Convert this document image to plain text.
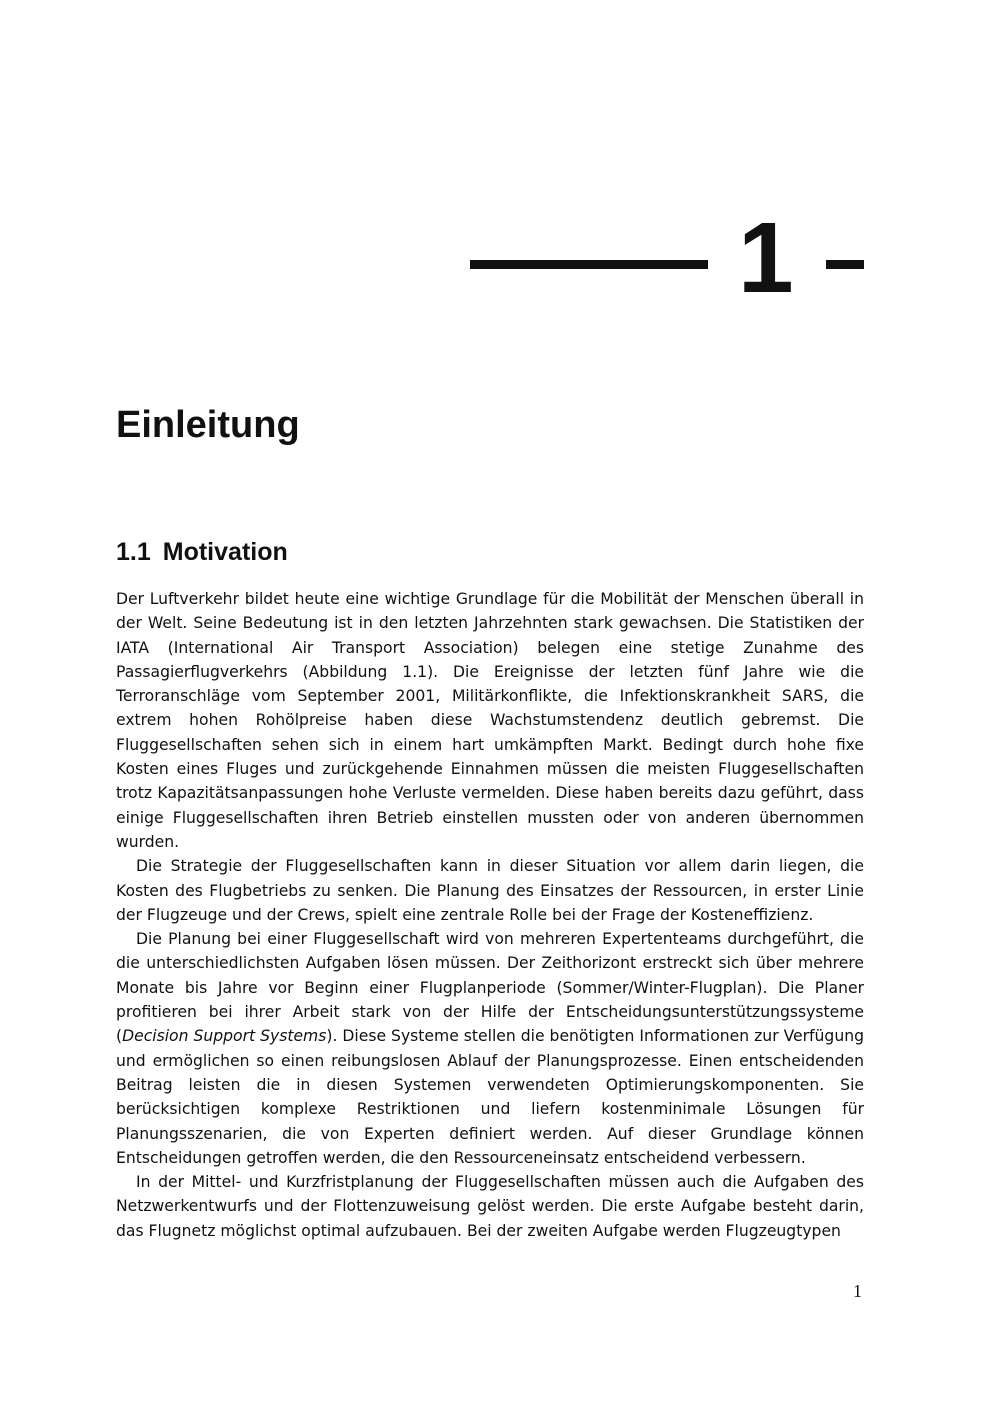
1
Einleitung
1.1 Motivation

Der Luftverkehr bildet heute eine wichtige Grundlage für die Mobilität der Menschen überall in der Welt. Seine Bedeutung ist in den letzten Jahrzehnten stark gewachsen. Die Statistiken der IATA (International Air Transport Association) belegen eine stetige Zunahme des Passagierflugverkehrs (Abbildung 1.1). Die Ereignisse der letzten fünf Jahre wie die Terroranschläge vom September 2001, Militärkonflikte, die Infektionskrankheit SARS, die extrem hohen Rohölpreise haben diese Wachstumstendenz deutlich gebremst. Die Fluggesellschaften sehen sich in einem hart umkämpften Markt. Bedingt durch hohe fixe Kosten eines Fluges und zurückgehende Einnahmen müssen die meisten Fluggesellschaften trotz Kapazitätsanpassungen hohe Verluste vermelden. Diese haben bereits dazu geführt, dass einige Fluggesellschaften ihren Betrieb einstellen mussten oder von anderen übernommen wurden.

Die Strategie der Fluggesellschaften kann in dieser Situation vor allem darin liegen, die Kosten des Flugbetriebs zu senken. Die Planung des Einsatzes der Ressourcen, in erster Linie der Flugzeuge und der Crews, spielt eine zentrale Rolle bei der Frage der Kosteneffizienz.

Die Planung bei einer Fluggesellschaft wird von mehreren Expertenteams durchgeführt, die die unterschiedlichsten Aufgaben lösen müssen. Der Zeithorizont erstreckt sich über mehrere Monate bis Jahre vor Beginn einer Flugplanperiode (Sommer/Winter-Flugplan). Die Planer profitieren bei ihrer Arbeit stark von der Hilfe der Entscheidungsunterstützungssysteme (Decision Support Systems). Diese Systeme stellen die benötigten Informationen zur Verfügung und ermöglichen so einen reibungslosen Ablauf der Planungsprozesse. Einen entscheidenden Beitrag leisten die in diesen Systemen verwendeten Optimierungskomponenten. Sie berücksichtigen komplexe Restriktionen und liefern kostenminimale Lösungen für Planungsszenarien, die von Experten definiert werden. Auf dieser Grundlage können Entscheidungen getroffen werden, die den Ressourceneinsatz entscheidend verbessern.

In der Mittel- und Kurzfristplanung der Fluggesellschaften müssen auch die Aufgaben des Netzwerkentwurfs und der Flottenzuweisung gelöst werden. Die erste Aufgabe besteht darin, das Flugnetz möglichst optimal aufzubauen. Bei der zweiten Aufgabe werden Flugzeugtypen

1
